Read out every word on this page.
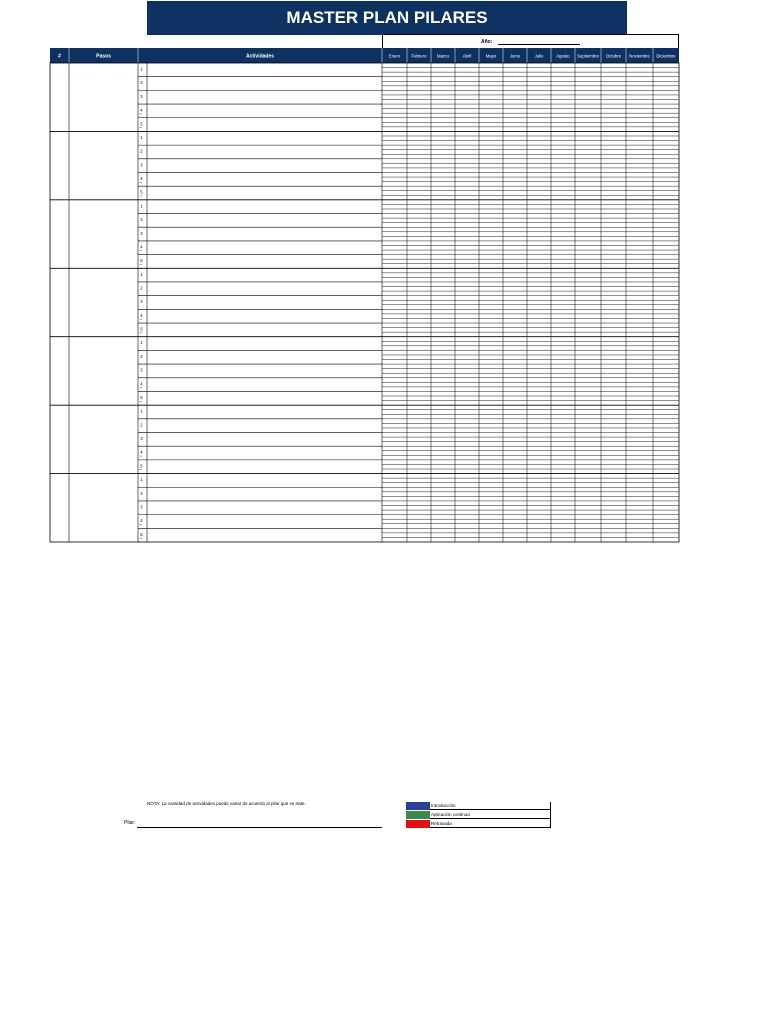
MASTER PLAN PILARES
Año:
#	Pasos	Actividades	Enero	Febrero Marzo	Abril	Mayo	Junio	Julio	Agosto Septiembre Octubre Noviembre Diciembre
1
2
3
4
5
1
2
3
4
5
1
2
3
4
5
1
2
3
4
5
1
2
3
4
5
1
2
3
4
5
1
2
3
4
5
NOTA: La cantidad de actividades puede variar de acuerdo al pilar que se trate.
Pilar:
Introducción
Aplicación continua
Retrasada
